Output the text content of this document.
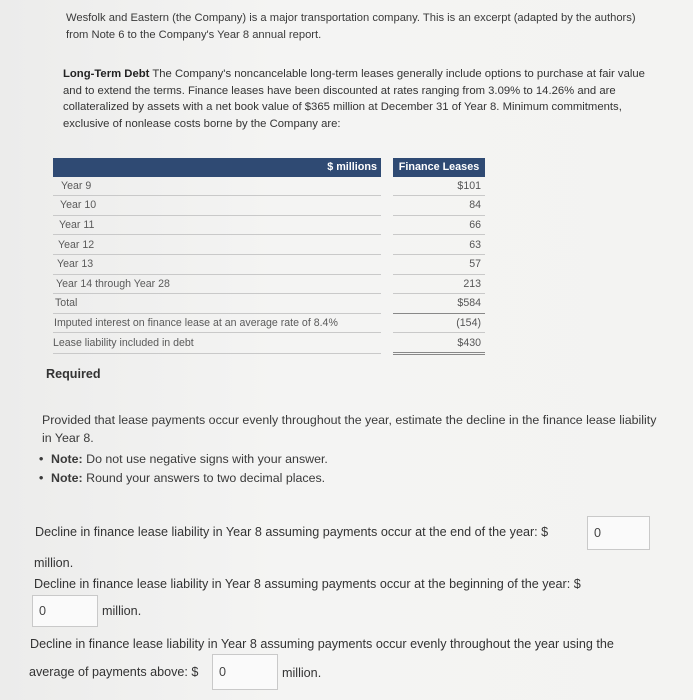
Wesfolk and Eastern (the Company) is a major transportation company. This is an excerpt (adapted by the authors) from Note 6 to the Company's Year 8 annual report.
Long-Term Debt The Company's noncancelable long-term leases generally include options to purchase at fair value and to extend the terms. Finance leases have been discounted at rates ranging from 3.09% to 14.26% and are collateralized by assets with a net book value of $365 million at December 31 of Year 8. Minimum commitments, exclusive of nonlease costs borne by the Company are:
$ millions		Finance Leases
Year 9		$101
Year 10		84
Year 11		66
Year 12		63
Year 13		57
Year 14 through Year 28		213
Total		$584
Imputed interest on finance lease at an average rate of 8.4%		(154)
Lease liability included in debt		$430
Required
Provided that lease payments occur evenly throughout the year, estimate the decline in the finance lease liability in Year 8.
• Note: Do not use negative signs with your answer.
• Note: Round your answers to two decimal places.
Decline in finance lease liability in Year 8 assuming payments occur at the end of the year: $	0
million.
Decline in finance lease liability in Year 8 assuming payments occur at the beginning of the year: $
0	million.
Decline in finance lease liability in Year 8 assuming payments occur evenly throughout the year using the
average of payments above: $	0	million.
